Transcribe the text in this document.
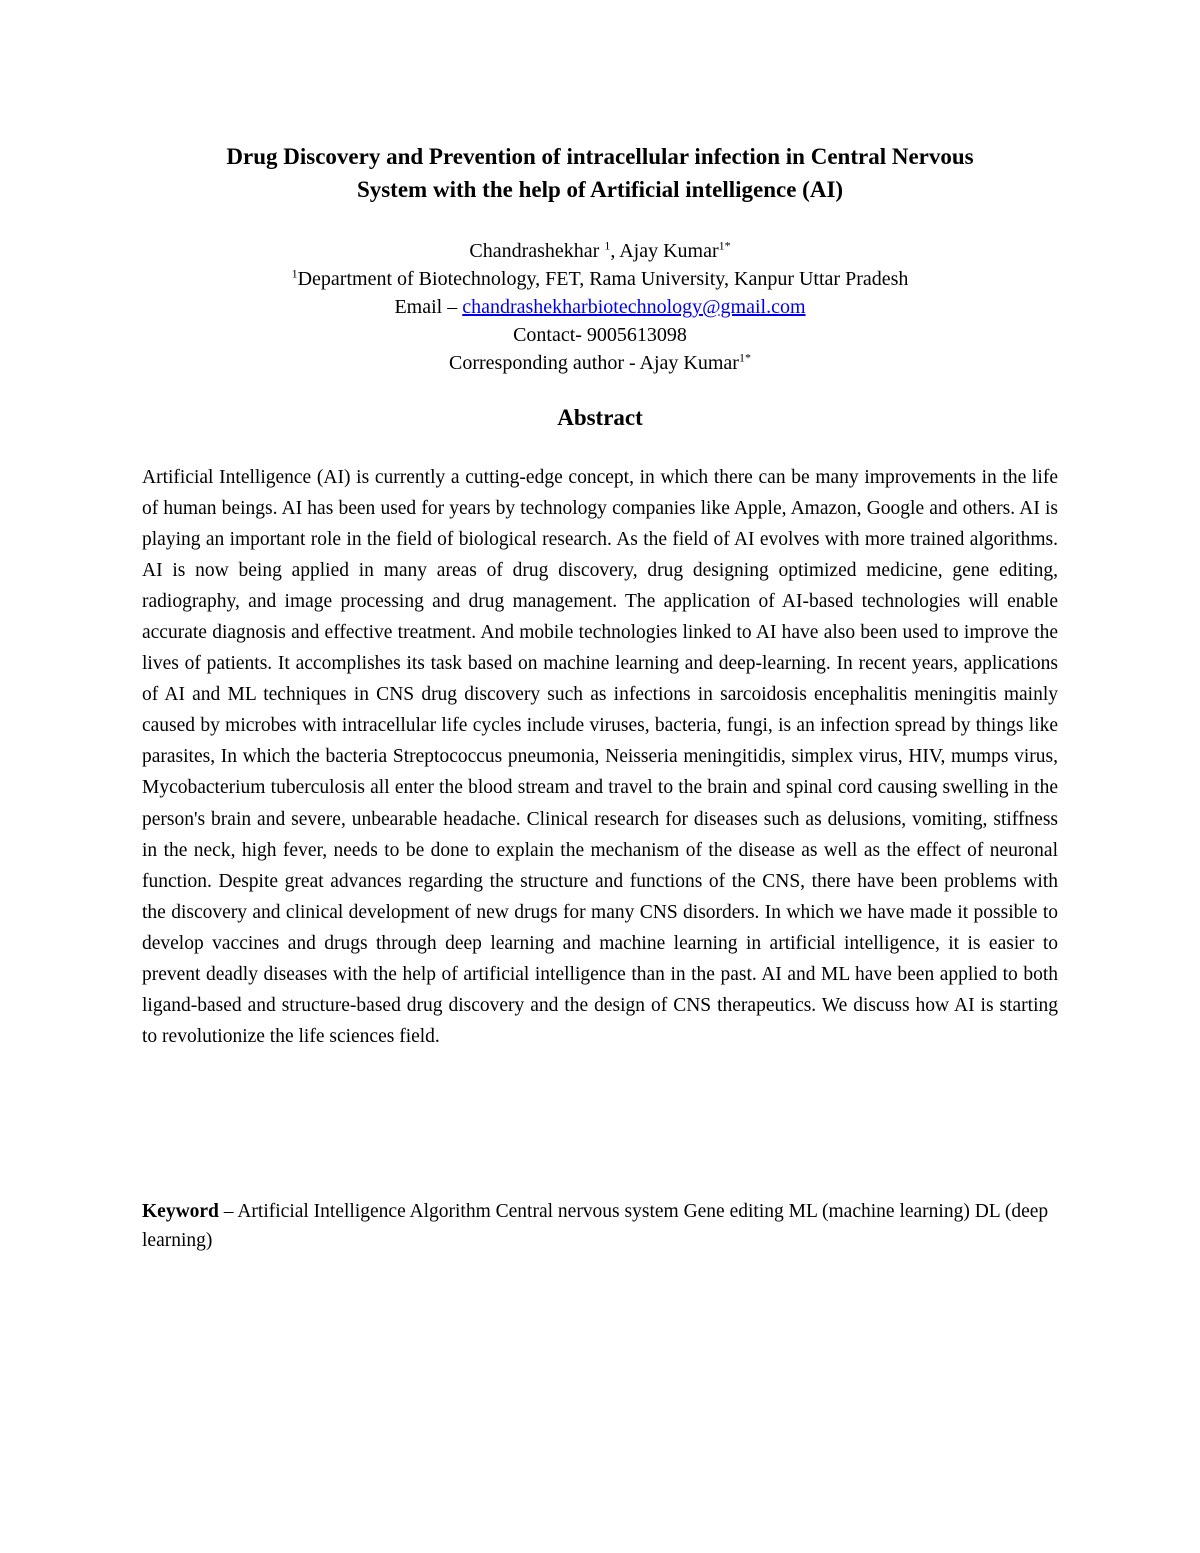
Drug Discovery and Prevention of intracellular infection in Central Nervous
System with the help of Artificial intelligence (AI)
Chandrashekhar $^1$, Ajay Kumar$^{1*}$
$^1$Department of Biotechnology, FET, Rama University, Kanpur Uttar Pradesh
Email – chandrashekharbiotechnology@gmail.com
Contact- 9005613098
Corresponding author - Ajay Kumar$^{1*}$
Abstract

Artificial Intelligence (AI) is currently a cutting-edge concept, in which there can be many improvements in the life of human beings. AI has been used for years by technology companies like Apple, Amazon, Google and others. AI is playing an important role in the field of biological research. As the field of AI evolves with more trained algorithms. AI is now being applied in many areas of drug discovery, drug designing optimized medicine, gene editing, radiography, and image processing and drug management. The application of AI-based technologies will enable accurate diagnosis and effective treatment. And mobile technologies linked to AI have also been used to improve the lives of patients. It accomplishes its task based on machine learning and deep-learning. In recent years, applications of AI and ML techniques in CNS drug discovery such as infections in sarcoidosis encephalitis meningitis mainly caused by microbes with intracellular life cycles include viruses, bacteria, fungi, is an infection spread by things like parasites, In which the bacteria Streptococcus pneumonia, Neisseria meningitidis, simplex virus, HIV, mumps virus, Mycobacterium tuberculosis all enter the blood stream and travel to the brain and spinal cord causing swelling in the person's brain and severe, unbearable headache. Clinical research for diseases such as delusions, vomiting, stiffness in the neck, high fever, needs to be done to explain the mechanism of the disease as well as the effect of neuronal function. Despite great advances regarding the structure and functions of the CNS, there have been problems with the discovery and clinical development of new drugs for many CNS disorders. In which we have made it possible to develop vaccines and drugs through deep learning and machine learning in artificial intelligence, it is easier to prevent deadly diseases with the help of artificial intelligence than in the past. AI and ML have been applied to both ligand-based and structure-based drug discovery and the design of CNS therapeutics. We discuss how AI is starting to revolutionize the life sciences field.

Keyword – Artificial Intelligence Algorithm Central nervous system Gene editing ML (machine learning) DL (deep learning)
